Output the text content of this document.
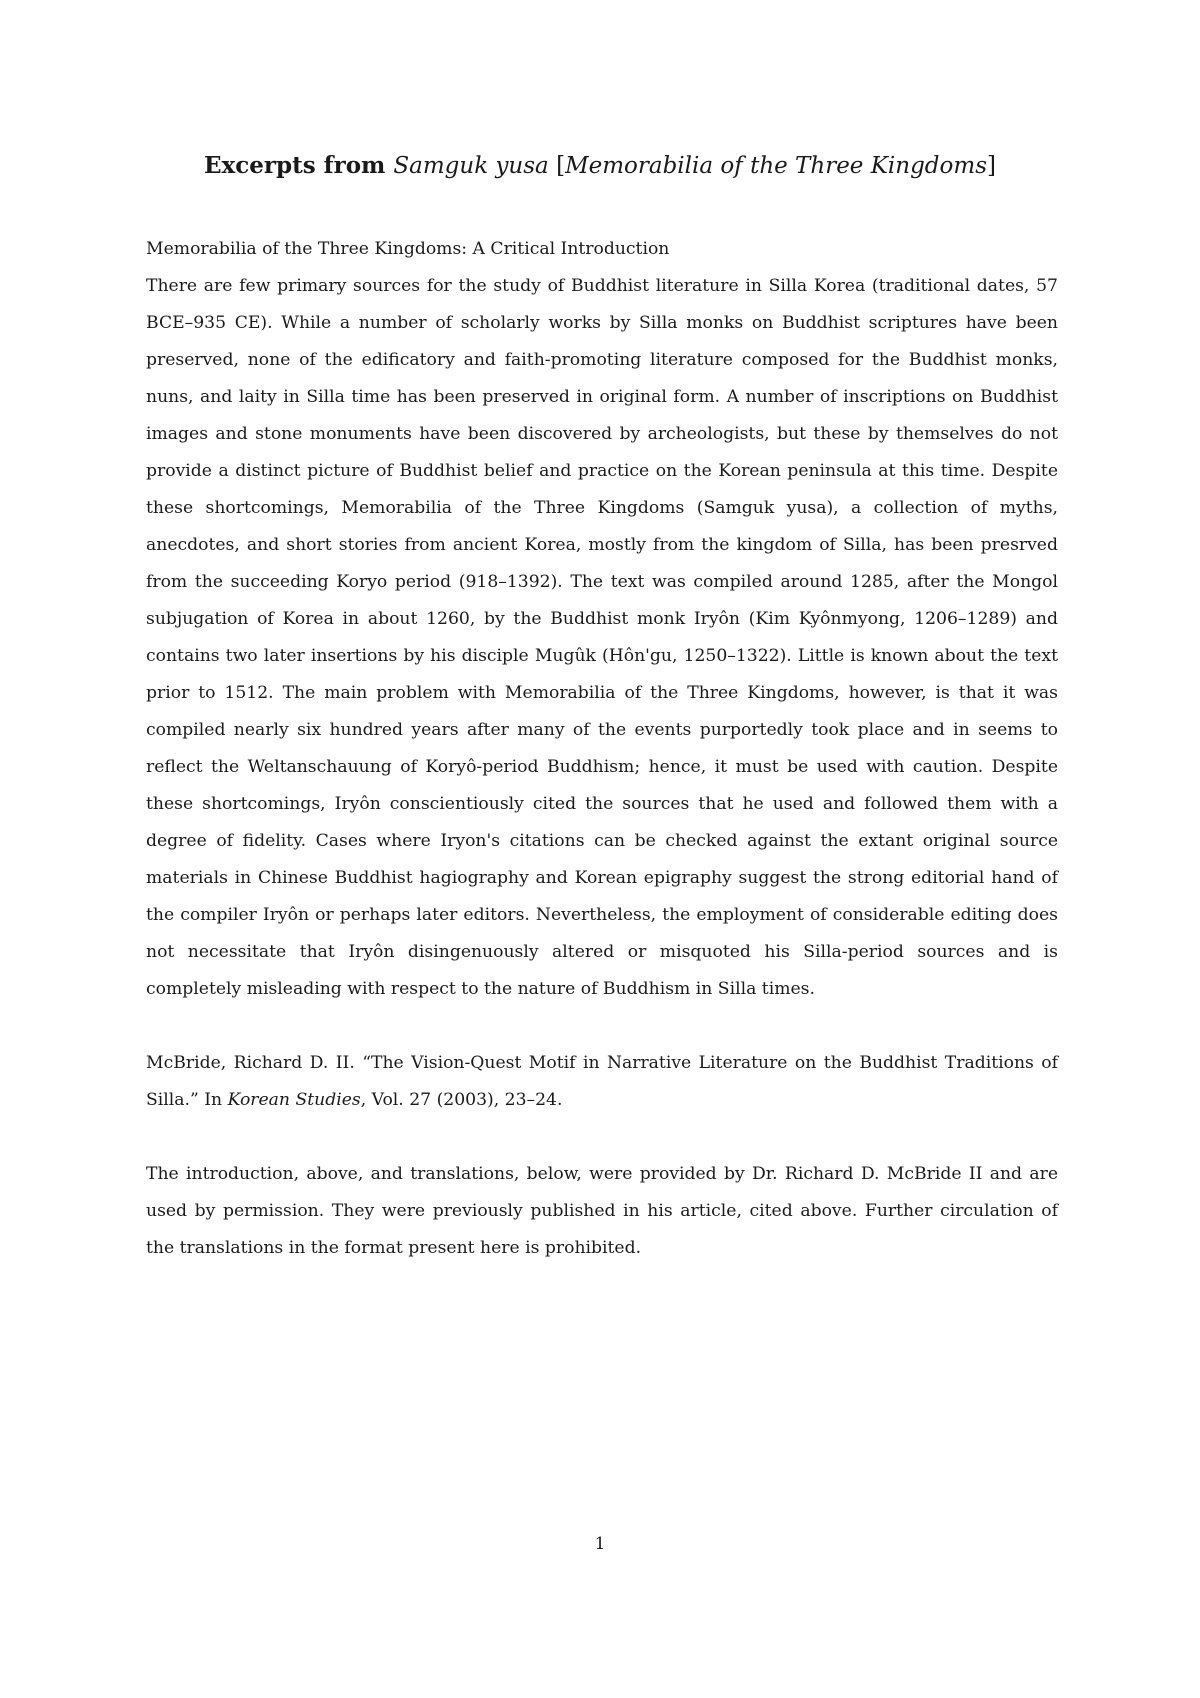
Excerpts from Samguk yusa [Memorabilia of the Three Kingdoms]

Memorabilia of the Three Kingdoms: A Critical Introduction

There are few primary sources for the study of Buddhist literature in Silla Korea (traditional dates, 57 BCE–935 CE). While a number of scholarly works by Silla monks on Buddhist scriptures have been preserved, none of the edificatory and faith-promoting literature composed for the Buddhist monks, nuns, and laity in Silla time has been preserved in original form. A number of inscriptions on Buddhist images and stone monuments have been discovered by archeologists, but these by themselves do not provide a distinct picture of Buddhist belief and practice on the Korean peninsula at this time. Despite these shortcomings, Memorabilia of the Three Kingdoms (Samguk yusa), a collection of myths, anecdotes, and short stories from ancient Korea, mostly from the kingdom of Silla, has been presrved from the succeeding Koryo period (918–1392). The text was compiled around 1285, after the Mongol subjugation of Korea in about 1260, by the Buddhist monk Iryôn (Kim Kyônmyong, 1206–1289) and contains two later insertions by his disciple Mugûk (Hôn'gu, 1250–1322). Little is known about the text prior to 1512. The main problem with Memorabilia of the Three Kingdoms, however, is that it was compiled nearly six hundred years after many of the events purportedly took place and in seems to reflect the Weltanschauung of Koryô-period Buddhism; hence, it must be used with caution. Despite these shortcomings, Iryôn conscientiously cited the sources that he used and followed them with a degree of fidelity. Cases where Iryon's citations can be checked against the extant original source materials in Chinese Buddhist hagiography and Korean epigraphy suggest the strong editorial hand of the compiler Iryôn or perhaps later editors. Nevertheless, the employment of considerable editing does not necessitate that Iryôn disingenuously altered or misquoted his Silla-period sources and is completely misleading with respect to the nature of Buddhism in Silla times.

McBride, Richard D. II. “The Vision-Quest Motif in Narrative Literature on the Buddhist Traditions of Silla.” In Korean Studies, Vol. 27 (2003), 23–24.

The introduction, above, and translations, below, were provided by Dr. Richard D. McBride II and are used by permission. They were previously published in his article, cited above. Further circulation of the translations in the format present here is prohibited.

1
